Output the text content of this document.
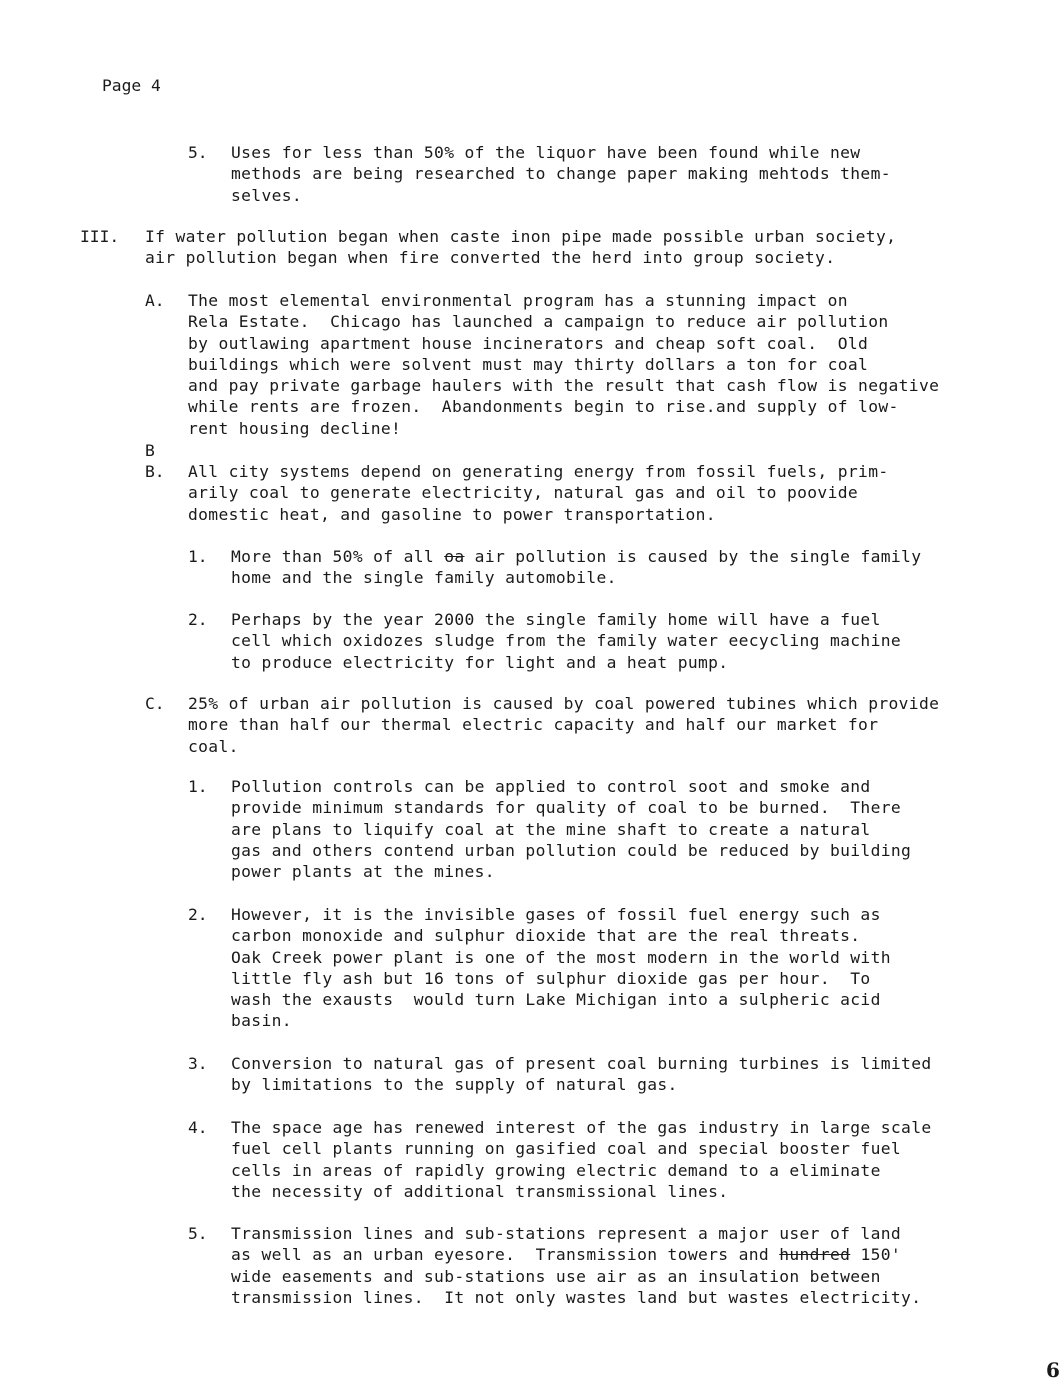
Page 4
5. Uses for less than 50% of the liquor have been found while new
methods are being researched to change paper making mehtods them-
selves.
III. If water pollution began when caste inon pipe made possible urban society,
air pollution began when fire converted the herd into group society.
A. The most elemental environmental program has a stunning impact on
Rela Estate.  Chicago has launched a campaign to reduce air pollution
by outlawing apartment house incinerators and cheap soft coal.  Old
buildings which were solvent must may thirty dollars a ton for coal
and pay private garbage haulers with the result that cash flow is negative
while rents are frozen.  Abandonments begin to rise.and supply of low-
rent housing decline!
B
B. All city systems depend on generating energy from fossil fuels, prim-
arily coal to generate electricity, natural gas and oil to poovide
domestic heat, and gasoline to power transportation.
1. More than 50% of all oa air pollution is caused by the single family
home and the single family automobile.
2. Perhaps by the year 2000 the single family home will have a fuel
cell which oxidozes sludge from the family water eecycling machine
to produce electricity for light and a heat pump.
C. 25% of urban air pollution is caused by coal powered tubines which provide
more than half our thermal electric capacity and half our market for
coal.
1. Pollution controls can be applied to control soot and smoke and
provide minimum standards for quality of coal to be burned.  There
are plans to liquify coal at the mine shaft to create a natural
gas and others contend urban pollution could be reduced by building
power plants at the mines.
2. However, it is the invisible gases of fossil fuel energy such as
carbon monoxide and sulphur dioxide that are the real threats.
Oak Creek power plant is one of the most modern in the world with
little fly ash but 16 tons of sulphur dioxide gas per hour.  To
wash the exausts  would turn Lake Michigan into a sulpheric acid
basin.
3. Conversion to natural gas of present coal burning turbines is limited
by limitations to the supply of natural gas.
4. The space age has renewed interest of the gas industry in large scale
fuel cell plants running on gasified coal and special booster fuel
cells in areas of rapidly growing electric demand to a eliminate
the necessity of additional transmissional lines.
5. Transmission lines and sub-stations represent a major user of land
as well as an urban eyesore.  Transmission towers and hundred 150'
wide easements and sub-stations use air as an insulation between
transmission lines.  It not only wastes land but wastes electricity.
6
